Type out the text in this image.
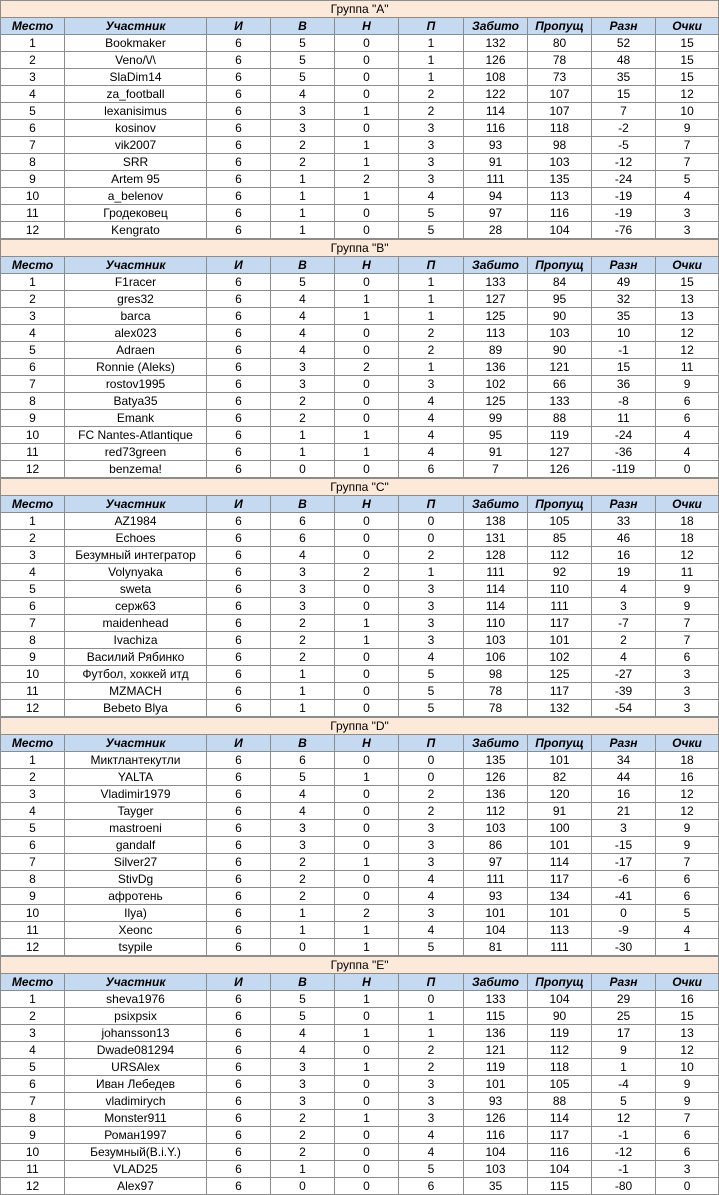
Группа "А"									
Место	Участник	И	В	Н	П	Забито	Пропущ	Разн	Очки
1	Bookmaker	6	5	0	1	132	80	52	15
2	Veno/\/\	6	5	0	1	126	78	48	15
3	SlaDim14	6	5	0	1	108	73	35	15
4	za_football	6	4	0	2	122	107	15	12
5	lexanisimus	6	3	1	2	114	107	7	10
6	kosinov	6	3	0	3	116	118	-2	9
7	vik2007	6	2	1	3	93	98	-5	7
8	SRR	6	2	1	3	91	103	-12	7
9	Artem 95	6	1	2	3	111	135	-24	5
10	a_belenov	6	1	1	4	94	113	-19	4
11	Гродековец	6	1	0	5	97	116	-19	3
12	Kengrato	6	1	0	5	28	104	-76	3
Группа "В"									
Место	Участник	И	В	Н	П	Забито	Пропущ	Разн	Очки
1	F1racer	6	5	0	1	133	84	49	15
2	gres32	6	4	1	1	127	95	32	13
3	barca	6	4	1	1	125	90	35	13
4	alex023	6	4	0	2	113	103	10	12
5	Adraen	6	4	0	2	89	90	-1	12
6	Ronnie (Aleks)	6	3	2	1	136	121	15	11
7	rostov1995	6	3	0	3	102	66	36	9
8	Batya35	6	2	0	4	125	133	-8	6
9	Emank	6	2	0	4	99	88	11	6
10	FC Nantes-Atlantique	6	1	1	4	95	119	-24	4
11	red73green	6	1	1	4	91	127	-36	4
12	benzema!	6	0	0	6	7	126	-119	0
Группа "С"									
Место	Участник	И	В	Н	П	Забито	Пропущ	Разн	Очки
1	AZ1984	6	6	0	0	138	105	33	18
2	Echoes	6	6	0	0	131	85	46	18
3	Безумный интегратор	6	4	0	2	128	112	16	12
4	Volynyaka	6	3	2	1	111	92	19	11
5	sweta	6	3	0	3	114	110	4	9
6	серж63	6	3	0	3	114	111	3	9
7	maidenhead	6	2	1	3	110	117	-7	7
8	Ivachiza	6	2	1	3	103	101	2	7
9	Василий Рябинко	6	2	0	4	106	102	4	6
10	Футбол, хоккей итд	6	1	0	5	98	125	-27	3
11	MZMACH	6	1	0	5	78	117	-39	3
12	Bebeto Blya	6	1	0	5	78	132	-54	3
Группа "D"									
Место	Участник	И	В	Н	П	Забито	Пропущ	Разн	Очки
1	Миктлантекутли	6	6	0	0	135	101	34	18
2	YALTA	6	5	1	0	126	82	44	16
3	Vladimir1979	6	4	0	2	136	120	16	12
4	Tayger	6	4	0	2	112	91	21	12
5	mastroeni	6	3	0	3	103	100	3	9
6	gandalf	6	3	0	3	86	101	-15	9
7	Silver27	6	2	1	3	97	114	-17	7
8	StivDg	6	2	0	4	111	117	-6	6
9	афротень	6	2	0	4	93	134	-41	6
10	Ilya)	6	1	2	3	101	101	0	5
11	Xeonc	6	1	1	4	104	113	-9	4
12	tsypile	6	0	1	5	81	111	-30	1
Группа "Е"									
Место	Участник	И	В	Н	П	Забито	Пропущ	Разн	Очки
1	sheva1976	6	5	1	0	133	104	29	16
2	psixpsix	6	5	0	1	115	90	25	15
3	johansson13	6	4	1	1	136	119	17	13
4	Dwade081294	6	4	0	2	121	112	9	12
5	URSAlex	6	3	1	2	119	118	1	10
6	Иван Лебедев	6	3	0	3	101	105	-4	9
7	vladimirych	6	3	0	3	93	88	5	9
8	Monster911	6	2	1	3	126	114	12	7
9	Роман1997	6	2	0	4	116	117	-1	6
10	Безумный(B.i.Y.)	6	2	0	4	104	116	-12	6
11	VLAD25	6	1	0	5	103	104	-1	3
12	Alex97	6	0	0	6	35	115	-80	0
